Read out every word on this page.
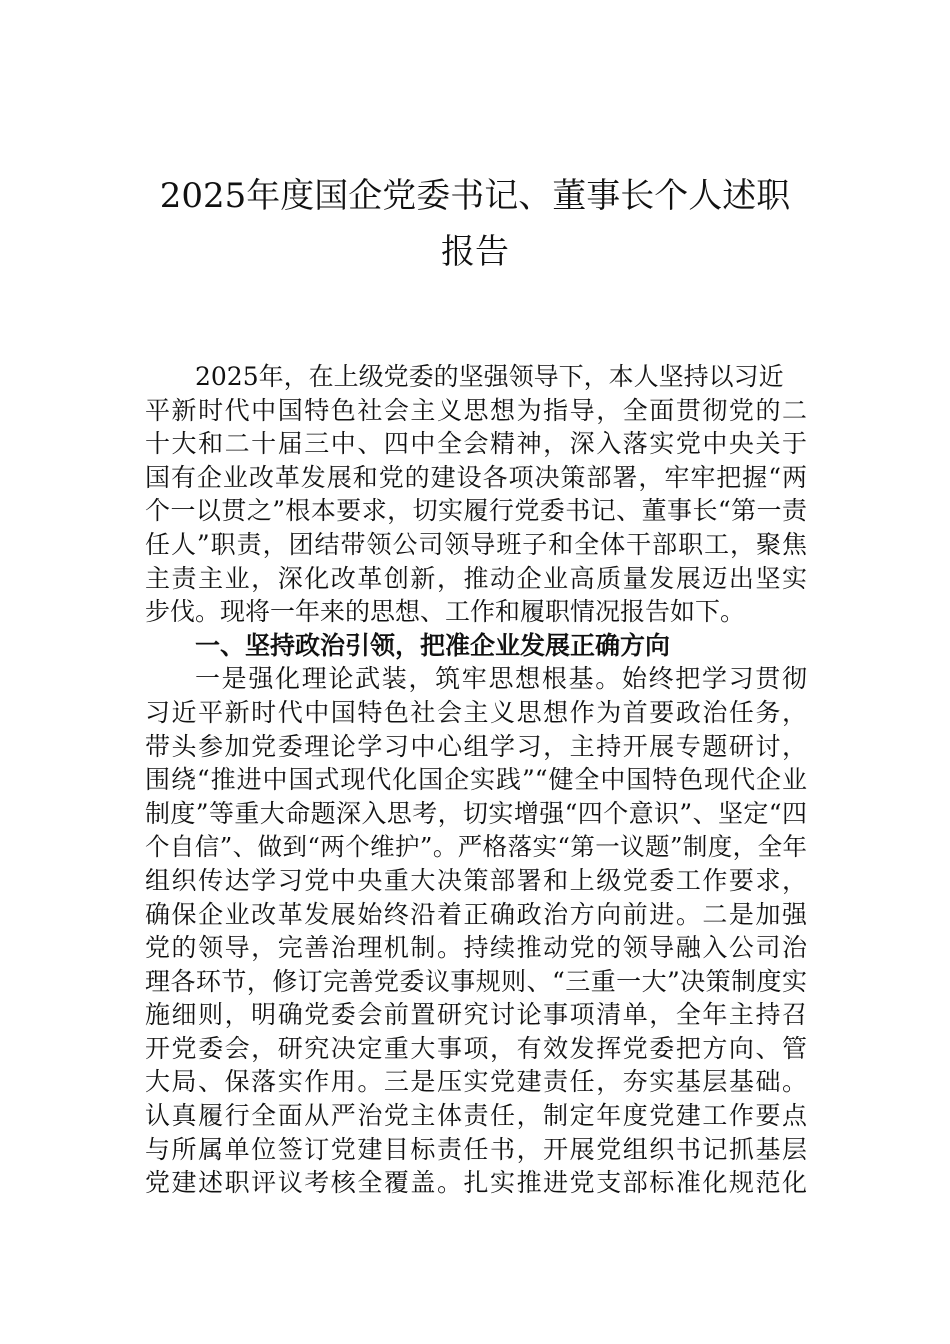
2025年度国企党委书记、董事长个人述职
报告
2025年，在上级党委的坚强领导下，本人坚持以习近
平新时代中国特色社会主义思想为指导，全面贯彻党的二
十大和二十届三中、四中全会精神，深入落实党中央关于
国有企业改革发展和党的建设各项决策部署，牢牢把握“两
个一以贯之”根本要求，切实履行党委书记、董事长“第一责
任人”职责，团结带领公司领导班子和全体干部职工，聚焦
主责主业，深化改革创新，推动企业高质量发展迈出坚实
步伐。现将一年来的思想、工作和履职情况报告如下。
一、坚持政治引领，把准企业发展正确方向
一是强化理论武装，筑牢思想根基。始终把学习贯彻
习近平新时代中国特色社会主义思想作为首要政治任务，
带头参加党委理论学习中心组学习，主持开展专题研讨，
围绕“推进中国式现代化国企实践”“健全中国特色现代企业
制度”等重大命题深入思考，切实增强“四个意识”、坚定“四
个自信”、做到“两个维护”。严格落实“第一议题”制度，全年
组织传达学习党中央重大决策部署和上级党委工作要求，
确保企业改革发展始终沿着正确政治方向前进。二是加强
党的领导，完善治理机制。持续推动党的领导融入公司治
理各环节，修订完善党委议事规则、“三重一大”决策制度实
施细则，明确党委会前置研究讨论事项清单，全年主持召
开党委会，研究决定重大事项，有效发挥党委把方向、管
大局、保落实作用。三是压实党建责任，夯实基层基础。
认真履行全面从严治党主体责任，制定年度党建工作要点
与所属单位签订党建目标责任书，开展党组织书记抓基层
党建述职评议考核全覆盖。扎实推进党支部标准化规范化
